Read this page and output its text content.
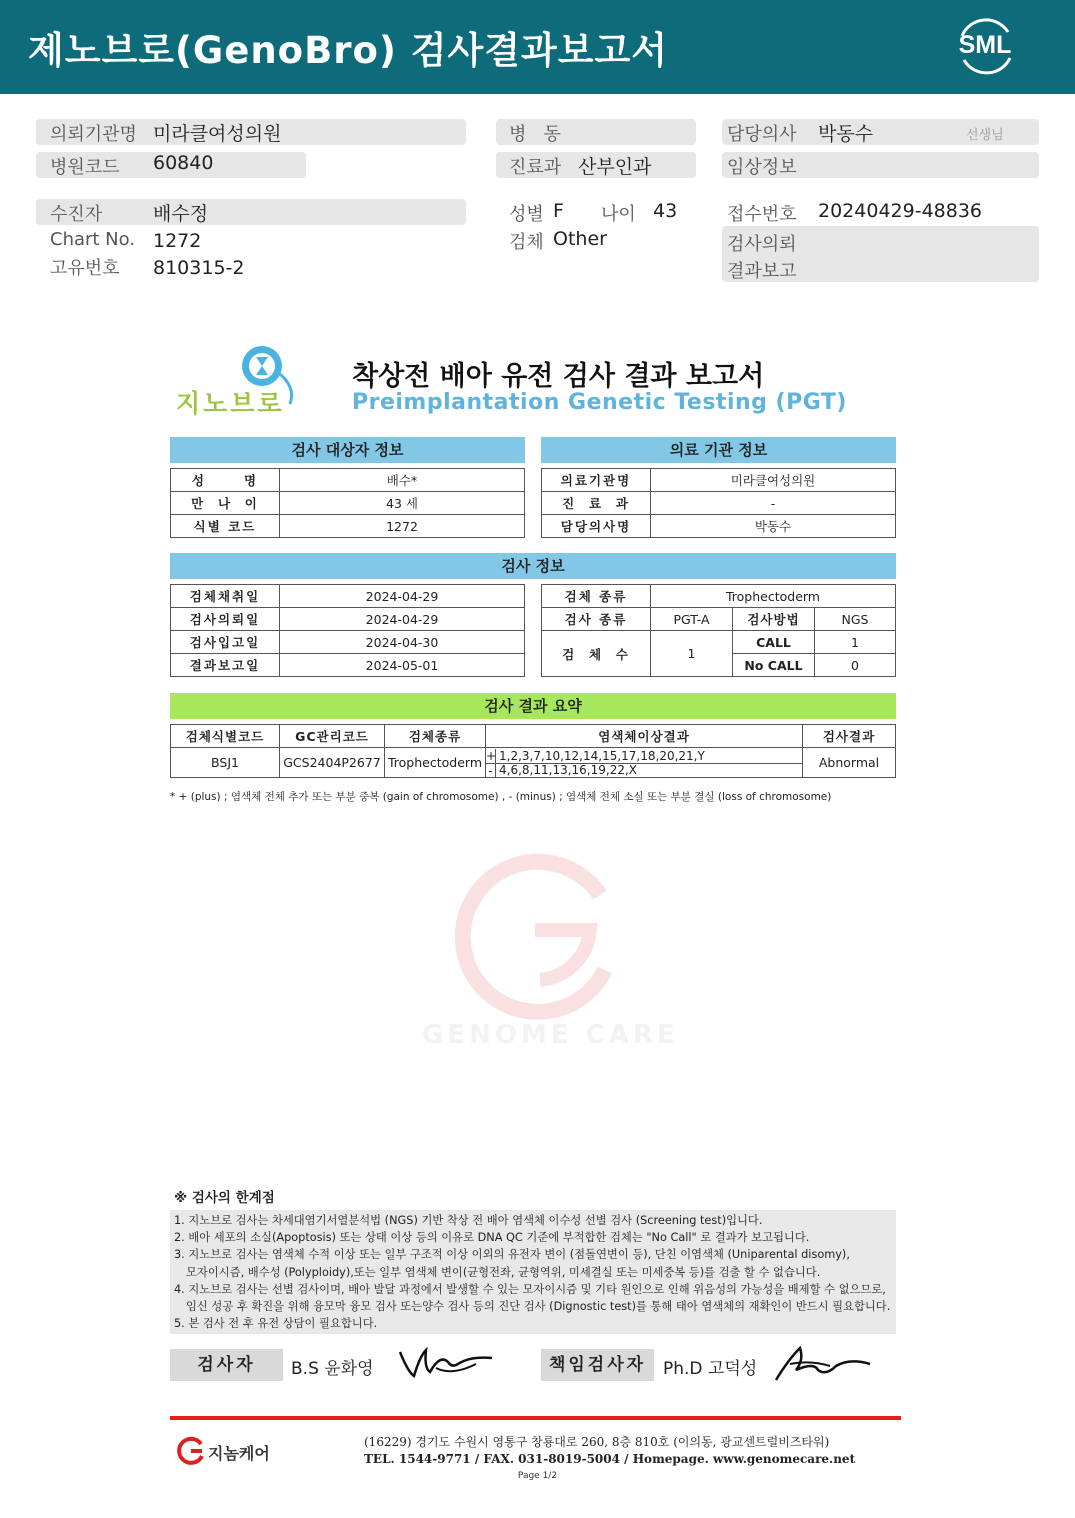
제노브로(GenoBro) 검사결과보고서	SML
의뢰기관명 미라클여성의원	병   동	담당의사 박동수	선생님
병원코드 60840	진료과 산부인과	임상정보
수진자	배수정	성별 F 나이 43	접수번호 20240429-48836
Chart No. 1272	검체 Other	검사의뢰
결과보고
고유번호 810315-2
지노브로
착상전 배아 유전 검사 결과 보고서
Preimplantation Genetic Testing (PGT)
검사 대상자 정보	의료 기관 정보
성      명	배수*
만  나  이	43 세
식별 코드	1272
의료기관명	미라클여성의원
진  료  과	-
담당의사명	박동수
검사 정보
검체채취일	2024-04-29
검사의뢰일	2024-04-29
검사입고일	2024-04-30
결과보고일	2024-05-01
검체 종류	Trophectoderm		
검사 종류	PGT-A	검사방법	NGS
검  체  수	1	CALL	1
		No CALL	0
검사 결과 요약
검체식별코드	GC관리코드	검체종류	염색체이상결과	검사결과
BSJ1	GCS2404P2677	Trophectoderm	+ 1,2,3,7,10,12,14,15,17,18,20,21,Y
- 4,6,8,11,13,16,19,22,X	Abnormal
* + (plus) ; 염색체 전체 추가 또는 부분 중복 (gain of chromosome) , - (minus) ; 염색체 전체 소실 또는 부분 결실 (loss of chromosome)
GENOME CARE
※ 검사의 한계점
1. 지노브로 검사는 차세대염기서열분석법 (NGS) 기반 착상 전 배아 염색체 이수성 선별 검사 (Screening test)입니다.
2. 배아 세포의 소실(Apoptosis) 또는 상태 이상 등의 이유로 DNA QC 기준에 부적합한 검체는 "No Call" 로 결과가 보고됩니다.
3. 지노브로 검사는 염색체 수적 이상 또는 일부 구조적 이상 이외의 유전자 변이 (점돌연변이 등), 단친 이염색체 (Uniparental disomy),
모자이시즘, 배수성 (Polyploidy),또는 일부 염색체 변이(균형전좌, 균형역위, 미세결실 또는 미세중복 등)를 검출 할 수 없습니다.
4. 지노브로 검사는 선별 검사이며, 배아 발달 과정에서 발생할 수 있는 모자이시즘 및 기타 원인으로 인해 위음성의 가능성을 배제할 수 없으므로,
임신 성공 후 확진을 위해 융모막 융모 검사 또는양수 검사 등의 진단 검사 (Dignostic test)를 통해 태아 염색체의 재확인이 반드시 필요합니다.
5. 본 검사 전 후 유전 상담이 필요합니다.
검사자	B.S 윤화영	책임검사자 Ph.D 고덕성
지놈케어
(16229) 경기도 수원시 영통구 창룡대로 260, 8층 810호 (이의동, 광교센트럴비즈타워)
TEL. 1544-9771 / FAX. 031-8019-5004 / Homepage. www.genomecare.net
Page 1/2
